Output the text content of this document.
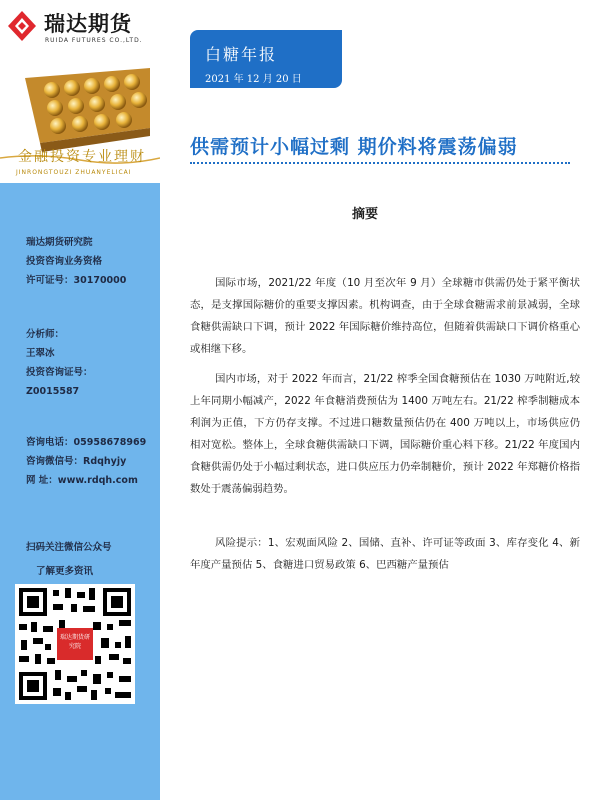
瑞达期货
RUIDA FUTURES CO.,LTD.
金融投资专业理财
JINRONGTOUZI ZHUANYELICAI
瑞达期货研究院
投资咨询业务资格
许可证号：30170000
分析师：
王翠冰
投资咨询证号：
Z0015587
咨询电话：05958678969
咨询微信号：Rdqhyjy
网 址：www.rdqh.com
扫码关注微信公众号
了解更多资讯
瑞达期货研究院
白糖年报
2021 年 12 月 20 日
供需预计小幅过剩 期价料将震荡偏弱
摘要
国际市场，2021/22 年度（10 月至次年 9 月）全球糖市供需仍处于紧平衡状态，是支撑国际糖价的重要支撑因素。机构调查，由于全球食糖需求前景减弱，全球食糖供需缺口下调，预计 2022 年国际糖价维持高位，但随着供需缺口下调价格重心或相继下移。
国内市场，对于 2022 年而言，21/22 榨季全国食糖预估在 1030 万吨附近,较上年同期小幅减产，2022 年食糖消费预估为 1400 万吨左右。21/22 榨季制糖成本利润为正值，下方仍存支撑。不过进口糖数量预估仍在 400 万吨以上，市场供应仍相对宽松。整体上，全球食糖供需缺口下调，国际糖价重心料下移。21/22 年度国内食糖供需仍处于小幅过剩状态，进口供应压力仍牵制糖价，预计 2022 年郑糖价格指数处于震荡偏弱趋势。
风险提示：1、宏观面风险 2、国储、直补、许可证等政面 3、库存变化 4、新年度产量预估 5、食糖进口贸易政策 6、巴西糖产量预估
